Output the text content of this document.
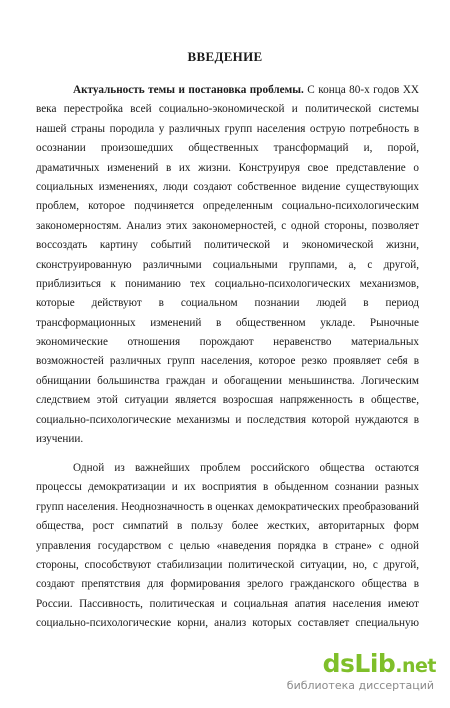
ВВЕДЕНИЕ
Актуальность темы и постановка проблемы. С конца 80-х годов XX
века перестройка всей социально-экономической и политической системы
нашей страны породила у различных групп населения острую потребность в
осознании произошедших общественных трансформаций и, порой,
драматичных изменений в их жизни. Конструируя свое представление о
социальных изменениях, люди создают собственное видение существующих
проблем, которое подчиняется определенным социально-психологическим
закономерностям. Анализ этих закономерностей, с одной стороны, позволяет
воссоздать картину событий политической и экономической жизни,
сконструированную различными социальными группами, а, с другой,
приблизиться к пониманию тех социально-психологических механизмов,
которые действуют в социальном познании людей в период
трансформационных изменений в общественном укладе. Рыночные
экономические отношения порождают неравенство материальных
возможностей различных групп населения, которое резко проявляет себя в
обнищании большинства граждан и обогащении меньшинства. Логическим
следствием этой ситуации является возросшая напряженность в обществе,
социально-психологические механизмы и последствия которой нуждаются в
изучении.
Одной из важнейших проблем российского общества остаются
процессы демократизации и их восприятия в обыденном сознании разных
групп населения. Неоднозначность в оценках демократических преобразований
общества, рост симпатий в пользу более жестких, авторитарных форм
управления государством с целью «наведения порядка в стране» с одной
стороны, способствуют стабилизации политической ситуации, но, с другой,
создают препятствия для формирования зрелого гражданского общества в
России. Пассивность, политическая и социальная апатия населения имеют
социально-психологические корни, анализ которых составляет специальную
dsLib.net
библиотека диссертаций
